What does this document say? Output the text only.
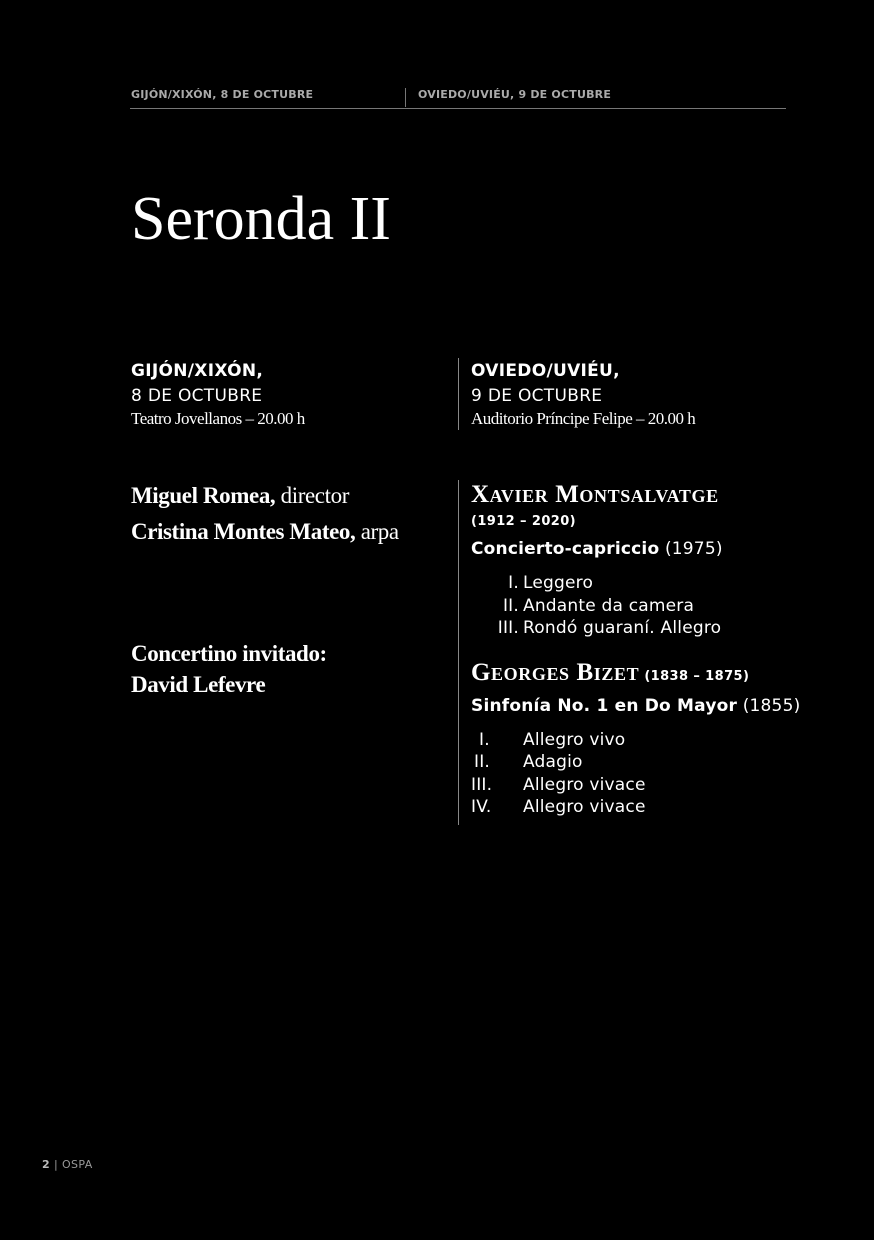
GIJÓN/XIXÓN, 8 DE OCTUBRE	OVIEDO/UVIÉU, 9 DE OCTUBRE
Seronda II
GIJÓN/XIXÓN,
8 DE OCTUBRE
Teatro Jovellanos – 20.00 h
OVIEDO/UVIÉU,
9 DE OCTUBRE
Auditorio Príncipe Felipe – 20.00 h
Miguel Romea, director
Cristina Montes Mateo, arpa
Concertino invitado:
David Lefevre
Xavier Montsalvatge
(1912 – 2020)
Concierto-capriccio (1975)
I. Leggero
II. Andante da camera
III. Rondó guaraní. Allegro
Georges Bizet (1838 – 1875)
Sinfonía No. 1 en Do Mayor (1855)
I.	Allegro vivo
II.	Adagio
III.	Allegro vivace
IV.	Allegro vivace
2 | OSPA
